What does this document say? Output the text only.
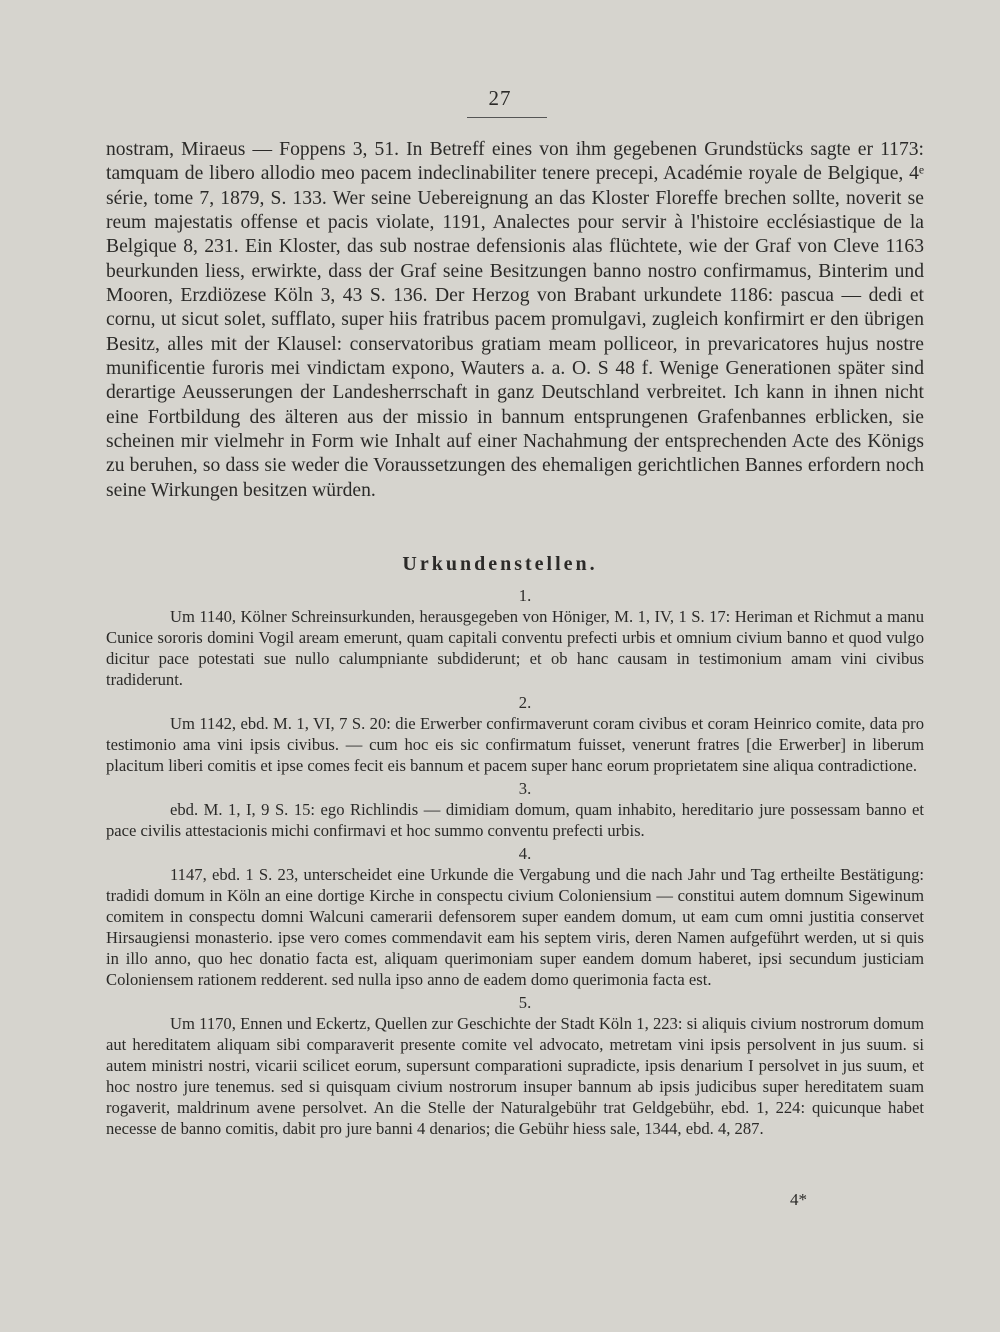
27

nostram, Miraeus — Foppens 3, 51. In Betreff eines von ihm gegebenen Grundstücks sagte er 1173: tamquam de libero allodio meo pacem indeclinabiliter tenere precepi, Académie royale de Belgique, 4ᵉ série, tome 7, 1879, S. 133. Wer seine Uebereignung an das Kloster Floreffe brechen sollte, noverit se reum majestatis offense et pacis violate, 1191, Analectes pour servir à l'histoire ecclésiastique de la Belgique 8, 231. Ein Kloster, das sub nostrae defensionis alas flüchtete, wie der Graf von Cleve 1163 beurkunden liess, erwirkte, dass der Graf seine Besitzungen banno nostro confirmamus, Binterim und Mooren, Erzdiözese Köln 3, 43 S. 136. Der Herzog von Brabant urkundete 1186: pascua — dedi et cornu, ut sicut solet, sufflato, super hiis fratribus pacem promulgavi, zugleich konfirmirt er den übrigen Besitz, alles mit der Klausel: conservatoribus gratiam meam polliceor, in prevaricatores hujus nostre munificentie furoris mei vindictam expono, Wauters a. a. O. S 48 f. Wenige Generationen später sind derartige Aeusserungen der Landesherrschaft in ganz Deutschland verbreitet. Ich kann in ihnen nicht eine Fortbildung des älteren aus der missio in bannum entsprungenen Grafenbannes erblicken, sie scheinen mir vielmehr in Form wie Inhalt auf einer Nachahmung der entsprechenden Acte des Königs zu beruhen, so dass sie weder die Voraussetzungen des ehemaligen gerichtlichen Bannes erfordern noch seine Wirkungen besitzen würden.

Urkundenstellen.

1.

Um 1140, Kölner Schreinsurkunden, herausgegeben von Höniger, M. 1, IV, 1 S. 17: Heriman et Richmut a manu Cunice sororis domini Vogil aream emerunt, quam capitali conventu prefecti urbis et omnium civium banno et quod vulgo dicitur pace potestati sue nullo calumpniante subdiderunt; et ob hanc causam in testimonium amam vini civibus tradiderunt.

2.

Um 1142, ebd. M. 1, VI, 7 S. 20: die Erwerber confirmaverunt coram civibus et coram Heinrico comite, data pro testimonio ama vini ipsis civibus. — cum hoc eis sic confirmatum fuisset, venerunt fratres [die Erwerber] in liberum placitum liberi comitis et ipse comes fecit eis bannum et pacem super hanc eorum proprietatem sine aliqua contradictione.

3.

ebd. M. 1, I, 9 S. 15: ego Richlindis — dimidiam domum, quam inhabito, hereditario jure possessam banno et pace civilis attestacionis michi confirmavi et hoc summo conventu prefecti urbis.

4.

1147, ebd. 1 S. 23, unterscheidet eine Urkunde die Vergabung und die nach Jahr und Tag ertheilte Bestätigung: tradidi domum in Köln an eine dortige Kirche in conspectu civium Coloniensium — constitui autem domnum Sigewinum comitem in conspectu domni Walcuni camerarii defensorem super eandem domum, ut eam cum omni justitia conservet Hirsaugiensi monasterio. ipse vero comes commendavit eam his septem viris, deren Namen aufgeführt werden, ut si quis in illo anno, quo hec donatio facta est, aliquam querimoniam super eandem domum haberet, ipsi secundum justiciam Coloniensem rationem redderent. sed nulla ipso anno de eadem domo querimonia facta est.

5.

Um 1170, Ennen und Eckertz, Quellen zur Geschichte der Stadt Köln 1, 223: si aliquis civium nostrorum domum aut hereditatem aliquam sibi comparaverit presente comite vel advocato, metretam vini ipsis persolvent in jus suum. si autem ministri nostri, vicarii scilicet eorum, supersunt comparationi supradicte, ipsis denarium I persolvet in jus suum, et hoc nostro jure tenemus. sed si quisquam civium nostrorum insuper bannum ab ipsis judicibus super hereditatem suam rogaverit, maldrinum avene persolvet. An die Stelle der Naturalgebühr trat Geldgebühr, ebd. 1, 224: quicunque habet necesse de banno comitis, dabit pro jure banni 4 denarios; die Gebühr hiess sale, 1344, ebd. 4, 287.

4*
